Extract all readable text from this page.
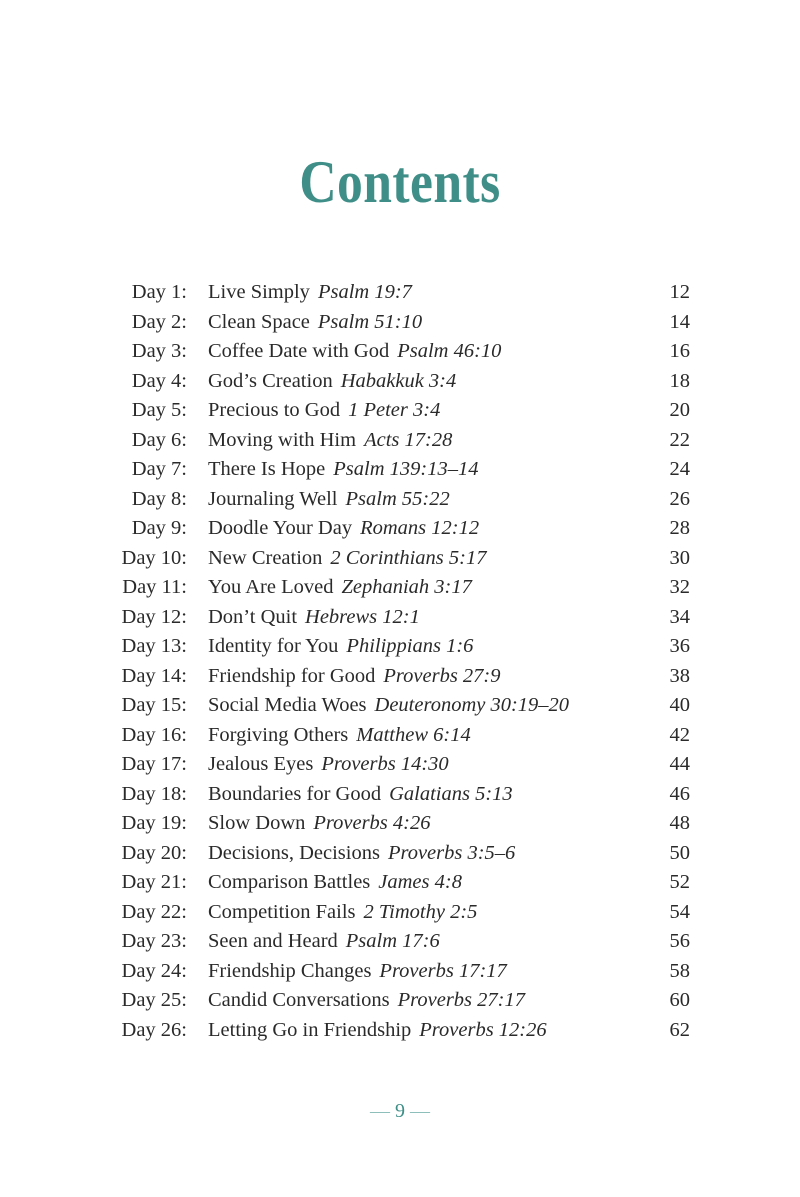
Contents
Day 1: Live Simply Psalm 19:7	12
Day 2: Clean Space Psalm 51:10	14
Day 3: Coffee Date with God Psalm 46:10	16
Day 4: God’s Creation Habakkuk 3:4	18
Day 5: Precious to God 1 Peter 3:4	20
Day 6: Moving with Him Acts 17:28	22
Day 7: There Is Hope Psalm 139:13–14	24
Day 8: Journaling Well Psalm 55:22	26
Day 9: Doodle Your Day Romans 12:12	28
Day 10: New Creation 2 Corinthians 5:17	30
Day 11: You Are Loved Zephaniah 3:17	32
Day 12: Don’t Quit Hebrews 12:1	34
Day 13: Identity for You Philippians 1:6	36
Day 14: Friendship for Good Proverbs 27:9	38
Day 15: Social Media Woes Deuteronomy 30:19–20	40
Day 16: Forgiving Others Matthew 6:14	42
Day 17: Jealous Eyes Proverbs 14:30	44
Day 18: Boundaries for Good Galatians 5:13	46
Day 19: Slow Down Proverbs 4:26	48
Day 20: Decisions, Decisions Proverbs 3:5–6	50
Day 21: Comparison Battles James 4:8	52
Day 22: Competition Fails 2 Timothy 2:5	54
Day 23: Seen and Heard Psalm 17:6	56
Day 24: Friendship Changes Proverbs 17:17	58
Day 25: Candid Conversations Proverbs 27:17	60
Day 26: Letting Go in Friendship Proverbs 12:26	62
— 9 —
